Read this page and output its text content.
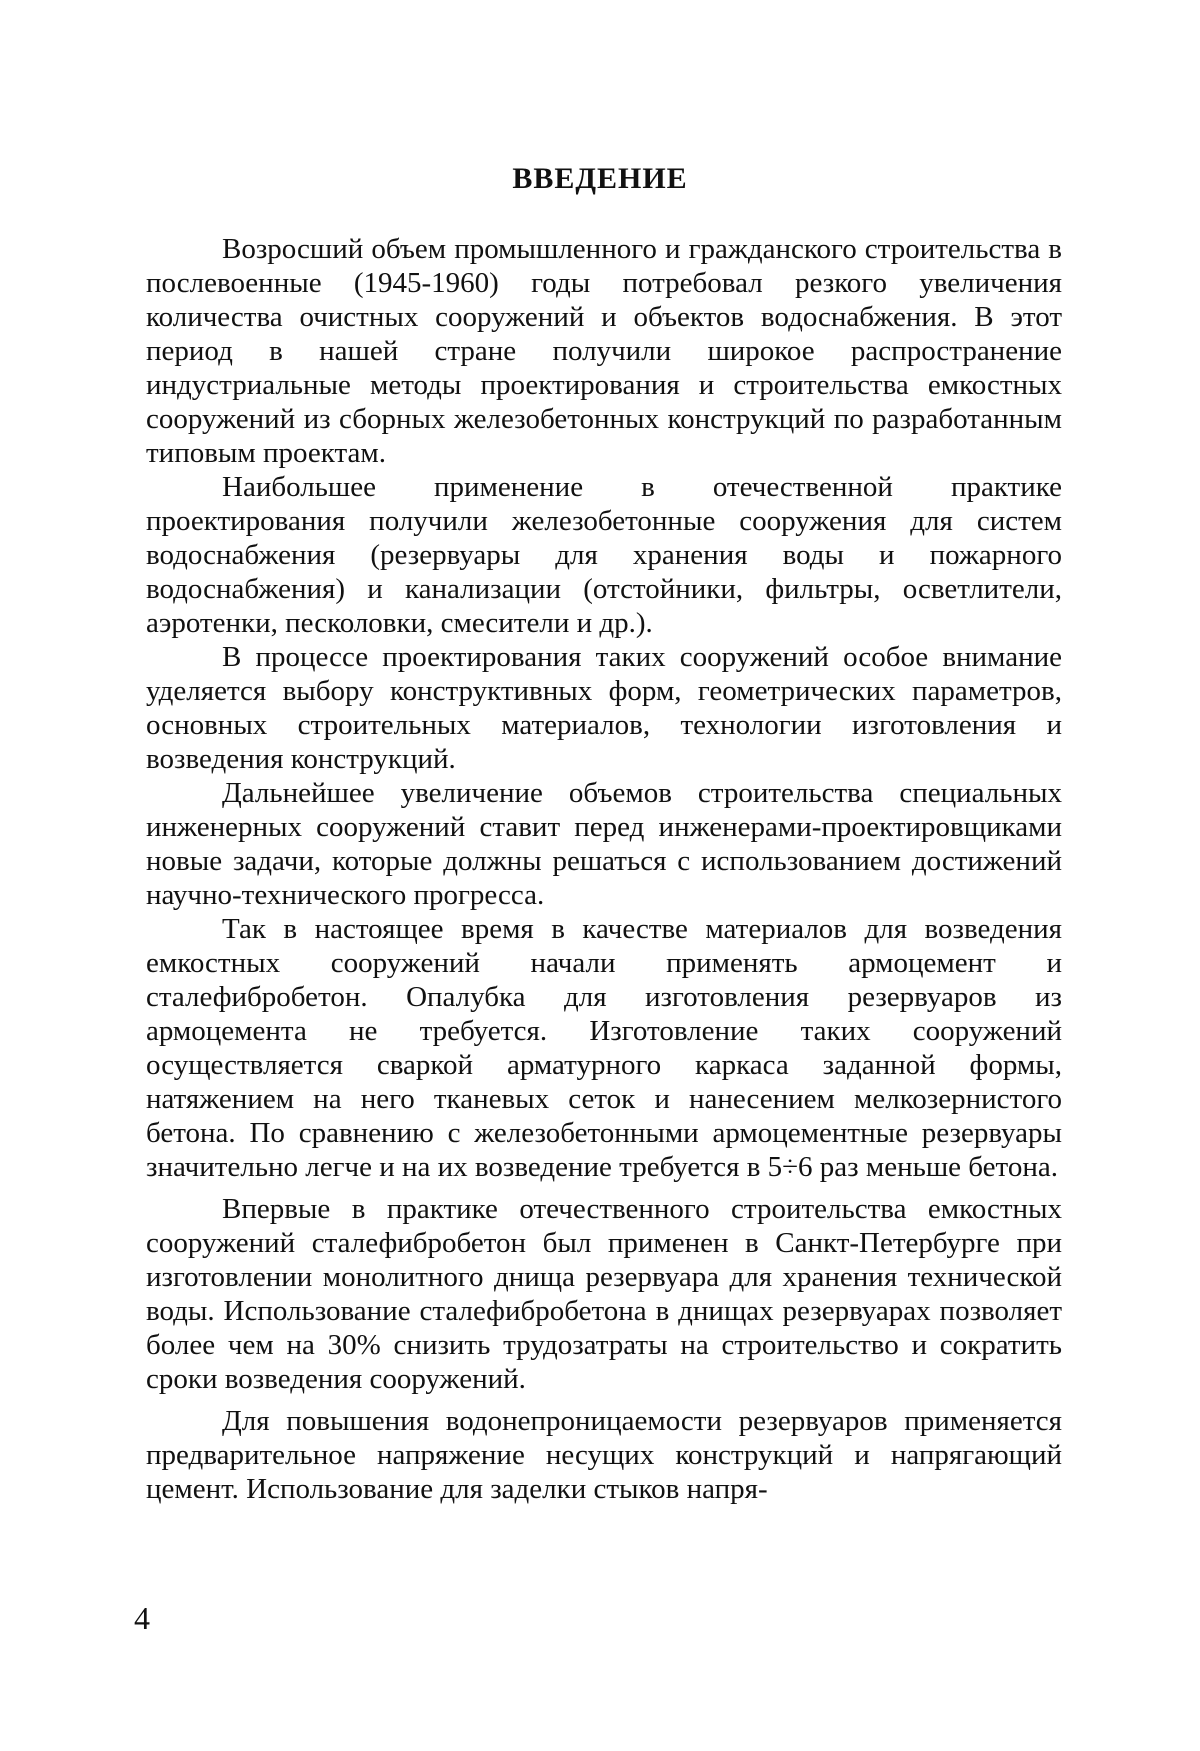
ВВЕДЕНИЕ

Возросший объем промышленного и гражданского строительства в послевоенные (1945-1960) годы потребовал резкого увеличения количества очистных сооружений и объектов водоснабжения. В этот период в нашей стране получили широкое распространение индустриальные методы проектирования и строительства емкостных сооружений из сборных железобетонных конструкций по разработанным типовым проектам.

Наибольшее применение в отечественной практике проектирования получили железобетонные сооружения для систем водоснабжения (резервуары для хранения воды и пожарного водоснабжения) и канализации (отстойники, фильтры, осветлители, аэротенки, песколовки, смесители и др.).

В процессе проектирования таких сооружений особое внимание уделяется выбору конструктивных форм, геометрических параметров, основных строительных материалов, технологии изготовления и возведения конструкций.

Дальнейшее увеличение объемов строительства специальных инженерных сооружений ставит перед инженерами-проектировщиками новые задачи, которые должны решаться с использованием достижений научно-технического прогресса.

Так в настоящее время в качестве материалов для возведения емкостных сооружений начали применять армоцемент и сталефибробетон. Опалубка для изготовления резервуаров из армоцемента не требуется. Изготовление таких сооружений осуществляется сваркой арматурного каркаса заданной формы, натяжением на него тканевых сеток и нанесением мелкозернистого бетона. По сравнению с железобетонными армоцементные резервуары значительно легче и на их возведение требуется в 5÷6 раз меньше бетона.

Впервые в практике отечественного строительства емкостных сооружений сталефибробетон был применен в Санкт-Петербурге при изготовлении монолитного днища резервуара для хранения технической воды. Использование сталефибробетона в днищах резервуарах позволяет более чем на 30% снизить трудозатраты на строительство и сократить сроки возведения сооружений.

Для повышения водонепроницаемости резервуаров применяется предварительное напряжение несущих конструкций и напрягающий цемент. Использование для заделки стыков напря-

4
